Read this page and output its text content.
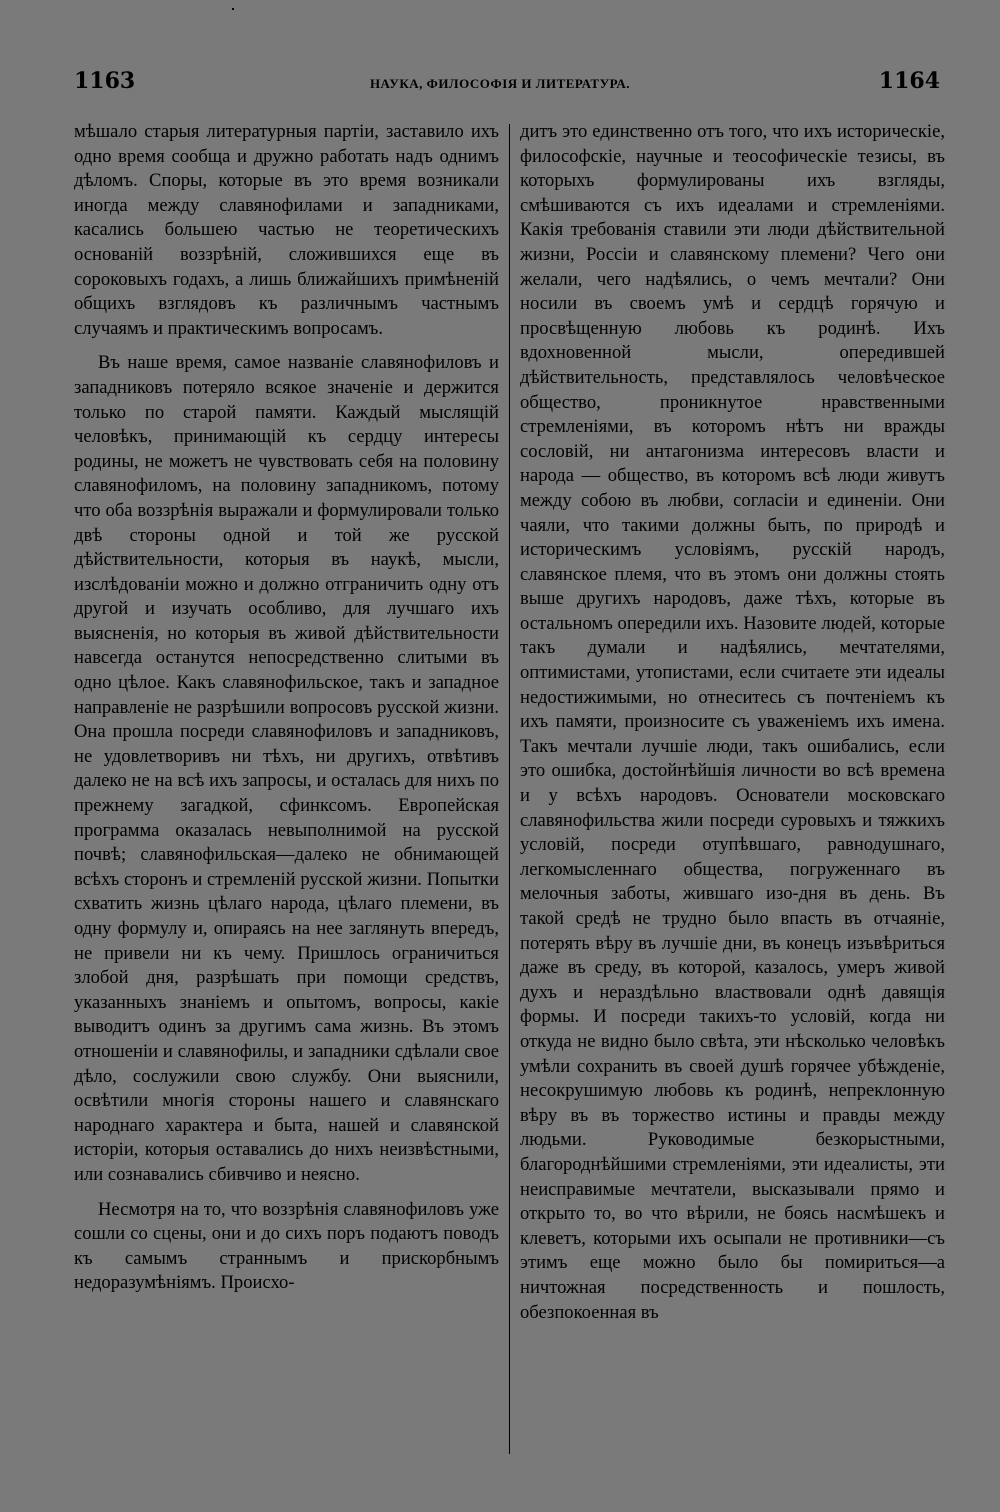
1163	НАУКА, ФИЛОСОФІЯ И ЛИТЕРАТУРА.	1164

мѣшало старыя литературныя партіи, заставило ихъ одно время сообща и дружно работать надъ однимъ дѣломъ. Споры, которые въ это время возникали иногда между славянофилами и западниками, касались большею частью не теоретическихъ основаній воззрѣній, сложившихся еще въ сороковыхъ годахъ, а лишь ближайшихъ примѣненій общихъ взглядовъ къ различнымъ частнымъ случаямъ и практическимъ вопросамъ.

Въ наше время, самое названіе славянофиловъ и западниковъ потеряло всякое значеніе и держится только по старой памяти. Каждый мыслящій человѣкъ, принимающій къ сердцу интересы родины, не можетъ не чувствовать себя на половину славянофиломъ, на половину западникомъ, потому что оба воззрѣнія выражали и формулировали только двѣ стороны одной и той же русской дѣйствительности, которыя въ наукѣ, мысли, изслѣдованіи можно и должно отграничить одну отъ другой и изучать особливо, для лучшаго ихъ выясненія, но которыя въ живой дѣйствительности навсегда останутся непосредственно слитыми въ одно цѣлое. Какъ славянофильское, такъ и западное направленіе не разрѣшили вопросовъ русской жизни. Она прошла посреди славянофиловъ и западниковъ, не удовлетворивъ ни тѣхъ, ни другихъ, отвѣтивъ далеко не на всѣ ихъ запросы, и осталась для нихъ по прежнему загадкой, сфинксомъ. Европейская программа оказалась невыполнимой на русской почвѣ; славянофильская—далеко не обнимающей всѣхъ сторонъ и стремленій русской жизни. Попытки схватить жизнь цѣлаго народа, цѣлаго племени, въ одну формулу и, опираясь на нее заглянуть впередъ, не привели ни къ чему. Пришлось ограничиться злобой дня, разрѣшать при помощи средствъ, указанныхъ знаніемъ и опытомъ, вопросы, какіе выводитъ одинъ за другимъ сама жизнь. Въ этомъ отношеніи и славянофилы, и западники сдѣлали свое дѣло, сослужили свою службу. Они выяснили, освѣтили многія стороны нашего и славянскаго народнаго характера и быта, нашей и славянской исторіи, которыя оставались до нихъ неизвѣстными, или сознавались сбивчиво и неясно.

Несмотря на то, что воззрѣнія славянофиловъ уже сошли со сцены, они и до сихъ поръ подаютъ поводъ къ самымъ страннымъ и прискорбнымъ недоразумѣніямъ. Происхо-

дитъ это единственно отъ того, что ихъ историческіе, философскіе, научные и теософическіе тезисы, въ которыхъ формулированы ихъ взгляды, смѣшиваются съ ихъ идеалами и стремленіями. Какія требованія ставили эти люди дѣйствительной жизни, Россіи и славянскому племени? Чего они желали, чего надѣялись, о чемъ мечтали? Они носили въ своемъ умѣ и сердцѣ горячую и просвѣщенную любовь къ родинѣ. Ихъ вдохновенной мысли, опередившей дѣйствительность, представлялось человѣческое общество, проникнутое нравственными стремленіями, въ которомъ нѣтъ ни вражды сословій, ни антагонизма интересовъ власти и народа — общество, въ которомъ всѣ люди живутъ между собою въ любви, согласіи и единеніи. Они чаяли, что такими должны быть, по природѣ и историческимъ условіямъ, русскій народъ, славянское племя, что въ этомъ они должны стоять выше другихъ народовъ, даже тѣхъ, которые въ остальномъ опередили ихъ. Назовите людей, которые такъ думали и надѣялись, мечтателями, оптимистами, утопистами, если считаете эти идеалы недостижимыми, но отнеситесь съ почтеніемъ къ ихъ памяти, произносите съ уваженіемъ ихъ имена. Такъ мечтали лучшіе люди, такъ ошибались, если это ошибка, достойнѣйшія личности во всѣ времена и у всѣхъ народовъ. Основатели московскаго славянофильства жили посреди суровыхъ и тяжкихъ условій, посреди отупѣвшаго, равнодушнаго, легкомысленнаго общества, погруженнаго въ мелочныя заботы, жившаго изо-дня въ день. Въ такой средѣ не трудно было впасть въ отчаяніе, потерять вѣру въ лучшіе дни, въ конецъ изъвѣриться даже въ среду, въ которой, казалось, умеръ живой духъ и нераздѣльно властвовали однѣ давящія формы. И посреди такихъ-то условій, когда ни откуда не видно было свѣта, эти нѣсколько человѣкъ умѣли сохранить въ своей душѣ горячее убѣжденіе, несокрушимую любовь къ родинѣ, непреклонную вѣру въ въ торжество истины и правды между людьми. Руководимые безкорыстными, благороднѣйшими стремленіями, эти идеалисты, эти неисправимые мечтатели, высказывали прямо и открыто то, во что вѣрили, не боясь насмѣшекъ и клеветъ, которыми ихъ осыпали не противники—съ этимъ еще можно было бы помириться—а ничтожная посредственность и пошлость, обезпокоенная въ
